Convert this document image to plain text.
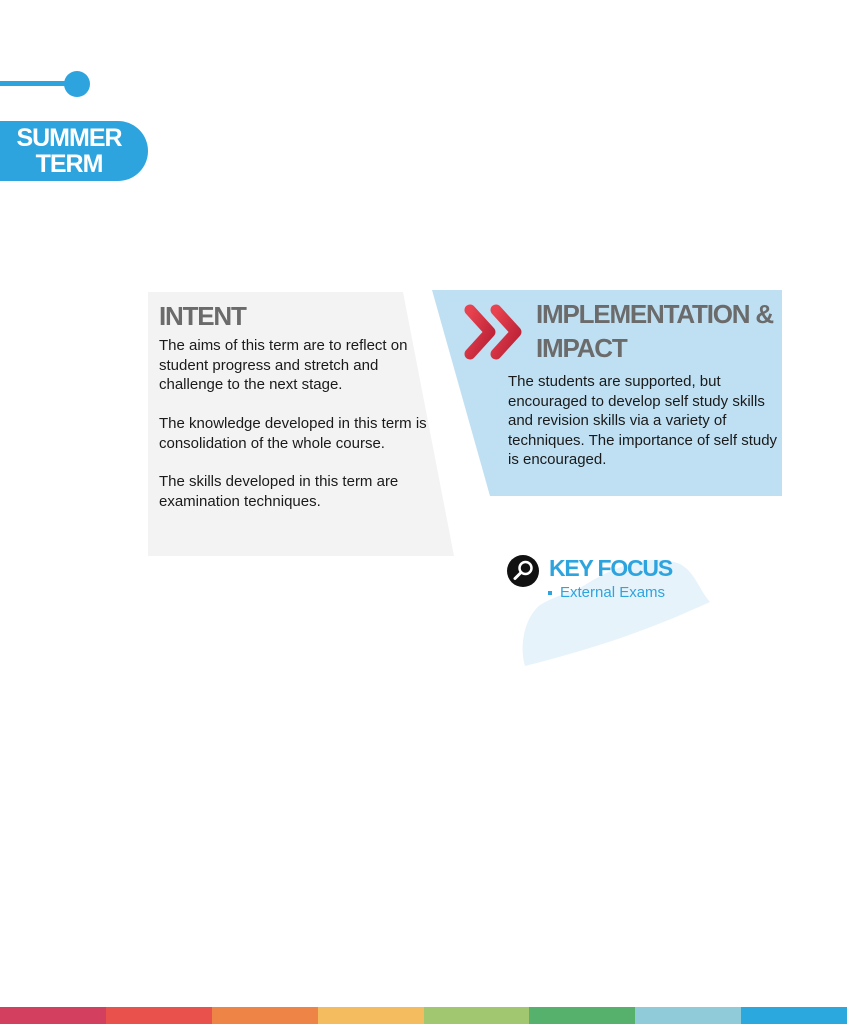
SUMMER
TERM
INTENT

The aims of this term are to reflect on student progress and stretch and challenge to the next stage.

The knowledge developed in this term is consolidation of the whole course.

The skills developed in this term are examination techniques.

IMPLEMENTATION & IMPACT

The students are supported, but encouraged to develop self study skills and revision skills via a variety of techniques. The importance of self study is encouraged.

KEY FOCUS
External Exams
